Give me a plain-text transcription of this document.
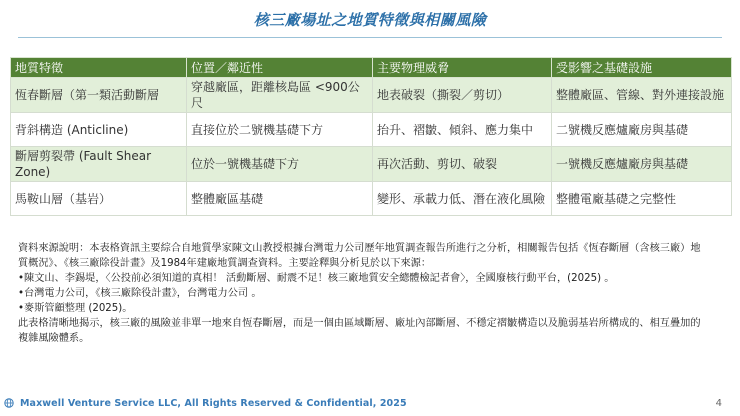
核三廠場址之地質特徵與相關風險
地質特徵	位置／鄰近性	主要物理威脅	受影響之基礎設施
恆春斷層（第一類活動斷層	穿越廠區，距離核島區 <900公尺	地表破裂（撕裂／剪切）	整體廠區、管線、對外連接設施
背斜構造 (Anticline)	直接位於二號機基礎下方	抬升、褶皺、傾斜、應力集中	二號機反應爐廠房與基礎
斷層剪裂帶 (Fault Shear Zone)	位於一號機基礎下方	再次活動、剪切、破裂	一號機反應爐廠房與基礎
馬鞍山層（基岩）	整體廠區基礎	變形、承載力低、潛在液化風險	整體電廠基礎之完整性

資料來源說明：本表格資訊主要綜合自地質學家陳文山教授根據台灣電力公司歷年地質調查報告所進行之分析，相關報告包括《恆春斷層（含核三廠）地質概況》、《核三廠除役計畫》及1984年建廠地質調查資料。主要詮釋與分析見於以下來源：

•陳文山、李錫堤，〈公投前必須知道的真相！ 活動斷層、耐震不足！核三廠地質安全總體檢記者會〉，全國廢核行動平台，(2025) 。

•台灣電力公司，《核三廠除役計畫》，台灣電力公司 。

•麥斯管顧整理 (2025)。

此表格清晰地揭示，核三廠的風險並非單一地來自恆春斷層，而是一個由區域斷層、廠址內部斷層、不穩定褶皺構造以及脆弱基岩所構成的、相互疊加的複雜風險體系。

Maxwell Venture Service LLC, All Rights Reserved & Confidential, 2025	4
